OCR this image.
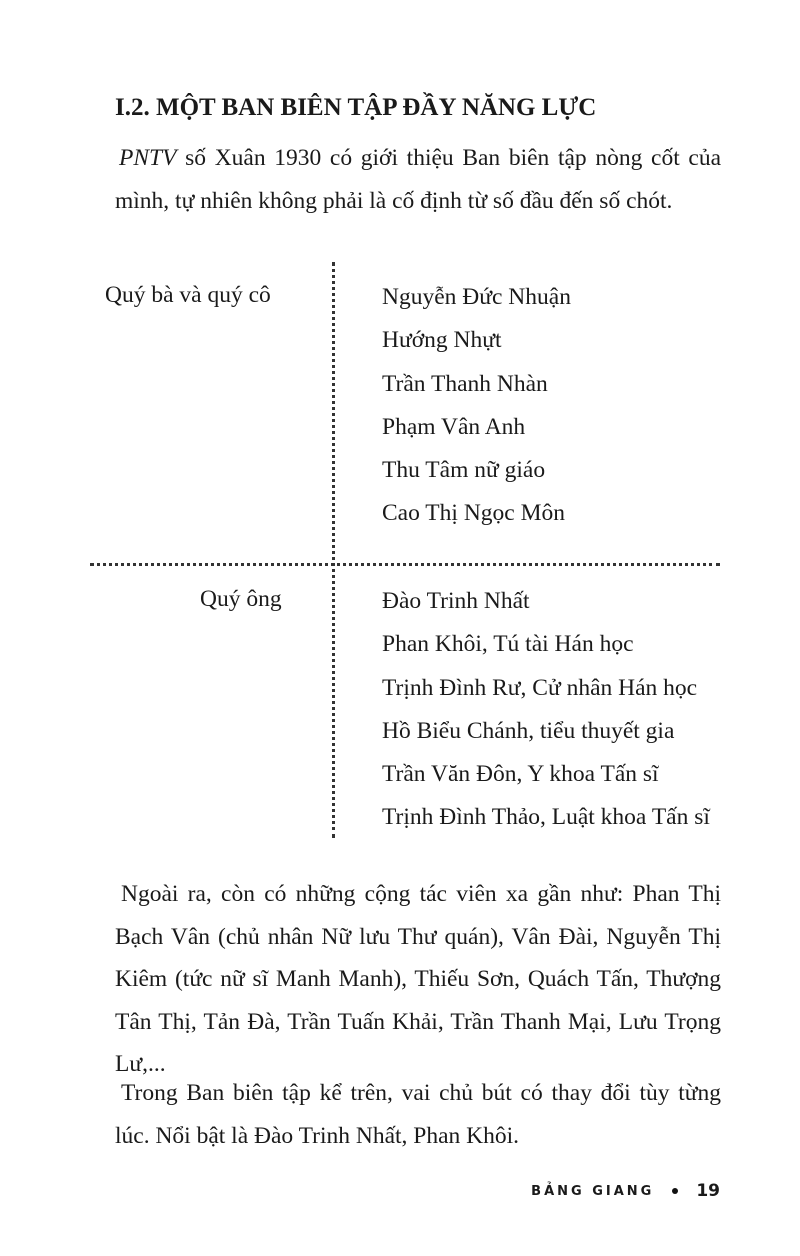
I.2. MỘT BAN BIÊN TẬP ĐẦY NĂNG LỰC
PNTV số Xuân 1930 có giới thiệu Ban biên tập nòng cốt của mình, tự nhiên không phải là cố định từ số đầu đến số chót.
Quý bà và quý cô	Nguyễn Đức Nhuận
Hướng Nhựt
Trần Thanh Nhàn
Phạm Vân Anh
Thu Tâm nữ giáo
Cao Thị Ngọc Môn
Quý ông	Đào Trinh Nhất
Phan Khôi, Tú tài Hán học
Trịnh Đình Rư, Cử nhân Hán học
Hồ Biểu Chánh, tiểu thuyết gia
Trần Văn Đôn, Y khoa Tấn sĩ
Trịnh Đình Thảo, Luật khoa Tấn sĩ
Ngoài ra, còn có những cộng tác viên xa gần như: Phan Thị Bạch Vân (chủ nhân Nữ lưu Thư quán), Vân Đài, Nguyễn Thị Kiêm (tức nữ sĩ Manh Manh), Thiếu Sơn, Quách Tấn, Thượng Tân Thị, Tản Đà, Trần Tuấn Khải, Trần Thanh Mại, Lưu Trọng Lư,...
Trong Ban biên tập kể trên, vai chủ bút có thay đổi tùy từng lúc. Nổi bật là Đào Trinh Nhất, Phan Khôi.
BẢNG GIANG 19
